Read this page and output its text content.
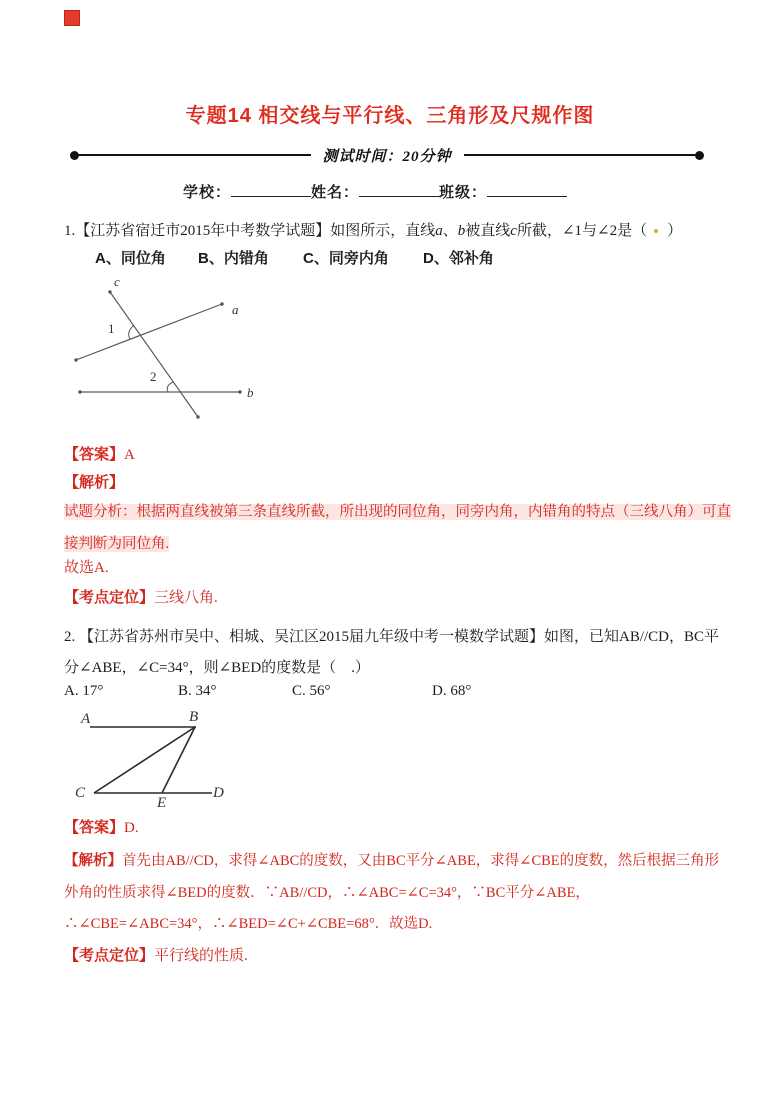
专题14 相交线与平行线、三角形及尺规作图
测试时间：20分钟
学校：	姓名：	班级：
1.【江苏省宿迁市2015年中考数学试题】如图所示，直线a、b被直线c所截，∠1与∠2是（ ）
A、同位角 B、内错角 C、同旁内角 D、邻补角
c
a
b
1
2
【答案】A
【解析】
试题分析：根据两直线被第三条直线所截，所出现的同位角，同旁内角，内错角的特点（三线八角）可直接判断为同位角.
故选A.
【考点定位】三线八角.
2. 【江苏省苏州市吴中、相城、吴江区2015届九年级中考一模数学试题】如图，已知AB//CD，BC平分∠ABE，∠C=34°，则∠BED的度数是（　.）
A. 17°	B. 34°	C. 56°	D. 68°
A	B
C	D
E
【答案】D.
【解析】首先由AB//CD，求得∠ABC的度数，又由BC平分∠ABE，求得∠CBE的度数，然后根据三角形外角的性质求得∠BED的度数．∵AB//CD，∴∠ABC=∠C=34°，∵BC平分∠ABE，∴∠CBE=∠ABC=34°，∴∠BED=∠C+∠CBE=68°．故选D.
【考点定位】平行线的性质.
